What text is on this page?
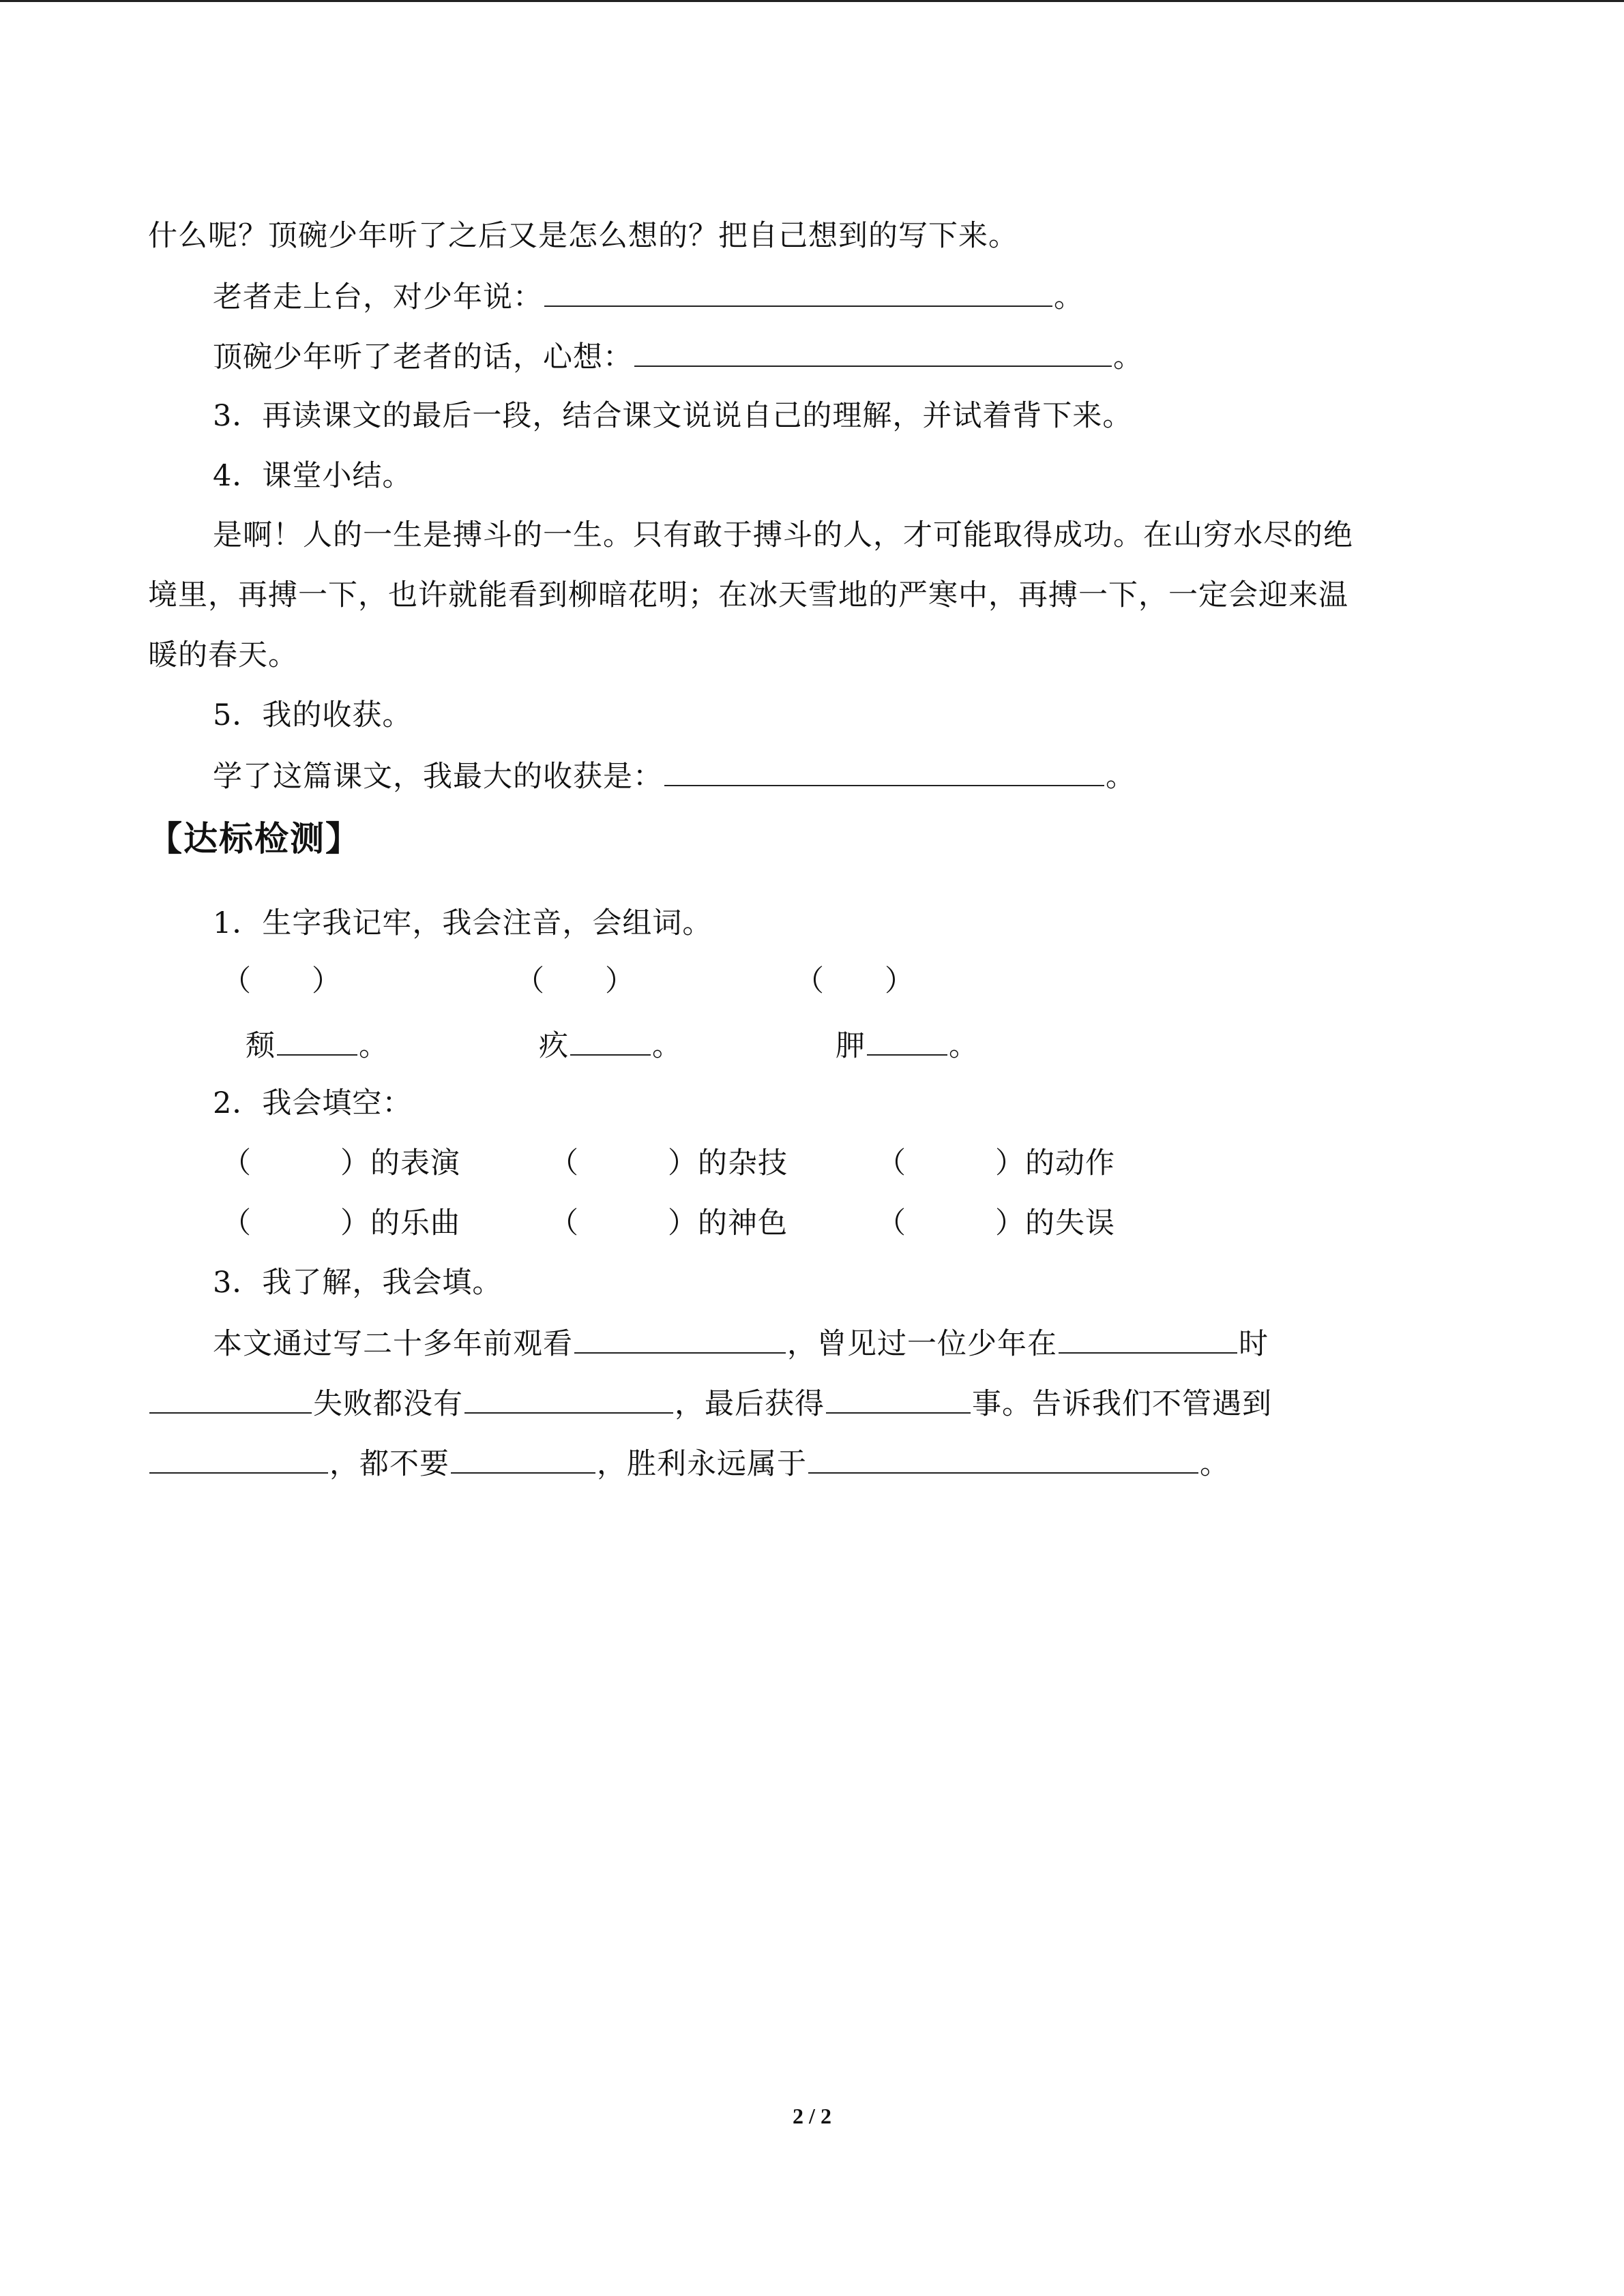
什么呢？顶碗少年听了之后又是怎么想的？把自己想到的写下来。
老者走上台，对少年说：	。
顶碗少年听了老者的话，心想：	。
3．再读课文的最后一段，结合课文说说自己的理解，并试着背下来。
4．课堂小结。
是啊！人的一生是搏斗的一生。只有敢于搏斗的人，才可能取得成功。在山穷水尽的绝
境里，再搏一下，也许就能看到柳暗花明；在冰天雪地的严寒中，再搏一下，一定会迎来温
暖的春天。
5．我的收获。
学了这篇课文，我最大的收获是：	。
【达标检测】
1．生字我记牢，我会注音，会组词。
（　　）	（　　）	（　　）
颓	。	疚	。	胛	。
2．我会填空：
（	）的表演	（	）的杂技	（	）的动作
（	）的乐曲	（	）的神色	（	）的失误
3．我了解，我会填。
本文通过写二十多年前观看	，曾见过一位少年在	时
失败都没有	，最后获得	事。告诉我们不管遇到
，都不要	，胜利永远属于	。
2 / 2
